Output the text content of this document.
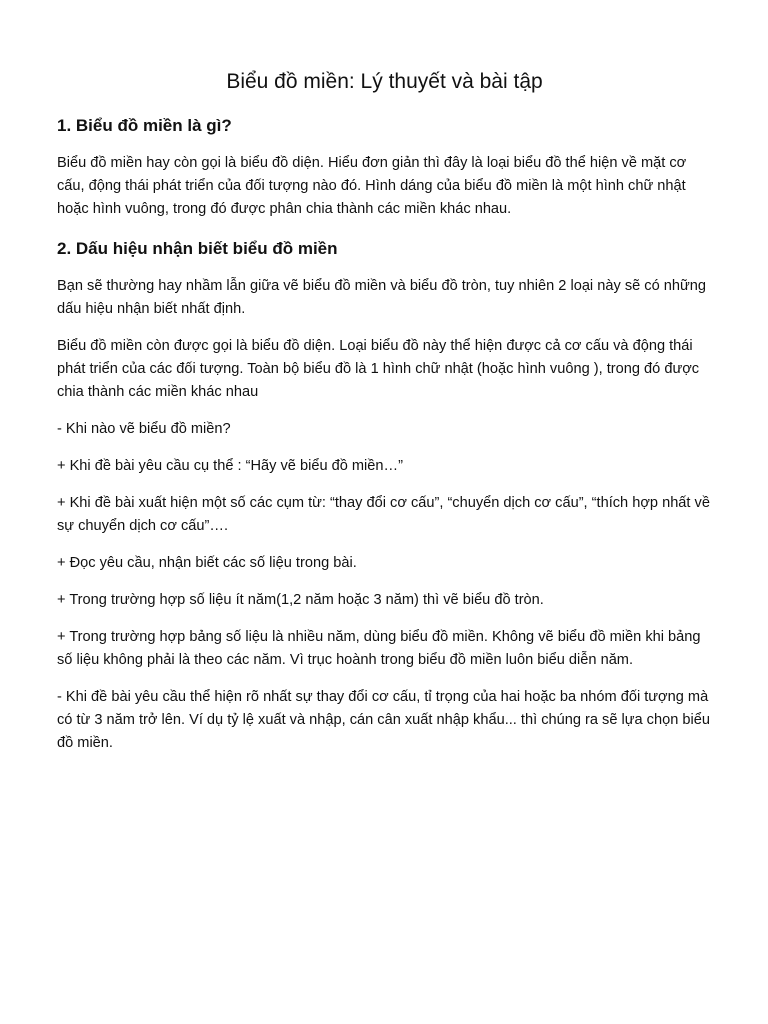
Biểu đồ miền: Lý thuyết và bài tập
1. Biểu đồ miền là gì?

Biểu đồ miền hay còn gọi là biểu đồ diện. Hiểu đơn giản thì đây là loại biểu đồ thể hiện về mặt cơ cấu, động thái phát triển của đối tượng nào đó. Hình dáng của biểu đồ miền là một hình chữ nhật hoặc hình vuông, trong đó được phân chia thành các miền khác nhau.

2. Dấu hiệu nhận biết biểu đồ miền

Bạn sẽ thường hay nhầm lẫn giữa vẽ biểu đồ miền và biểu đồ tròn, tuy nhiên 2 loại này sẽ có những dấu hiệu nhận biết nhất định.

Biểu đồ miền còn được gọi là biểu đồ diện. Loại biểu đồ này thể hiện được cả cơ cấu và động thái phát triển của các đối tượng. Toàn bộ biểu đồ là 1 hình chữ nhật (hoặc hình vuông ), trong đó được chia thành các miền khác nhau

- Khi nào vẽ biểu đồ miền?

+ Khi đề bài yêu cầu cụ thể : “Hãy vẽ biểu đồ miền…”

+ Khi đề bài xuất hiện một số các cụm từ: “thay đổi cơ cấu”, “chuyển dịch cơ cấu”, “thích hợp nhất về sự chuyển dịch cơ cấu”….

+ Đọc yêu cầu, nhận biết các số liệu trong bài.

+ Trong trường hợp số liệu ít năm(1,2 năm hoặc 3 năm) thì vẽ biểu đồ tròn.

+ Trong trường hợp bảng số liệu là nhiều năm, dùng biểu đồ miền. Không vẽ biểu đồ miền khi bảng số liệu không phải là theo các năm. Vì trục hoành trong biểu đồ miền luôn biểu diễn năm.

- Khi đề bài yêu cầu thể hiện rõ nhất sự thay đổi cơ cấu, tỉ trọng của hai hoặc ba nhóm đối tượng mà có từ 3 năm trở lên. Ví dụ tỷ lệ xuất và nhập, cán cân xuất nhập khẩu... thì chúng ra sẽ lựa chọn biểu đồ miền.
